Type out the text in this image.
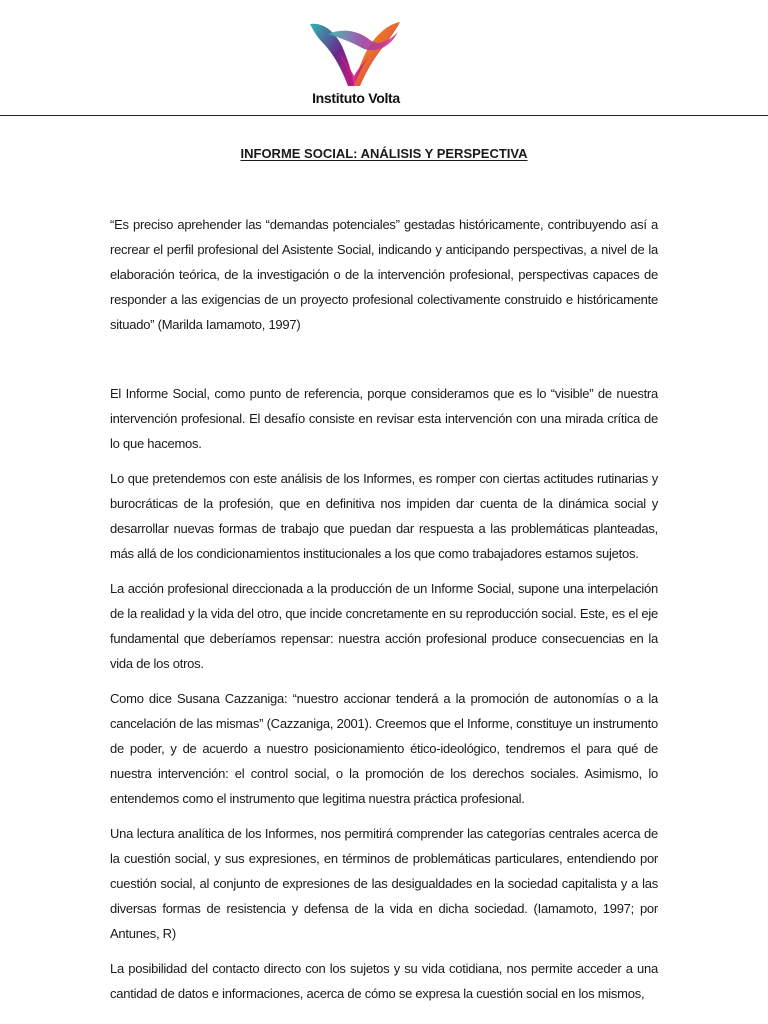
Instituto Volta
INFORME SOCIAL: ANÁLISIS Y PERSPECTIVA

“Es preciso aprehender las “demandas potenciales” gestadas históricamente, contribuyendo así a recrear el perfil profesional del Asistente Social, indicando y anticipando perspectivas, a nivel de la elaboración teórica, de la investigación o de la intervención profesional, perspectivas capaces de responder a las exigencias de un proyecto profesional colectivamente construido e históricamente situado” (Marilda Iamamoto, 1997)

El Informe Social, como punto de referencia, porque consideramos que es lo “visible” de nuestra intervención profesional. El desafío consiste en revisar esta intervención con una mirada crítica de lo que hacemos.

Lo que pretendemos con este análisis de los Informes, es romper con ciertas actitudes rutinarias y burocráticas de la profesión, que en definitiva nos impiden dar cuenta de la dinámica social y desarrollar nuevas formas de trabajo que puedan dar respuesta a las problemáticas planteadas, más allá de los condicionamientos institucionales a los que como trabajadores estamos sujetos.

La acción profesional direccionada a la producción de un Informe Social, supone una interpelación de la realidad y la vida del otro, que incide concretamente en su reproducción social. Este, es el eje fundamental que deberíamos repensar: nuestra acción profesional produce consecuencias en la vida de los otros.

Como dice Susana Cazzaniga: “nuestro accionar tenderá a la promoción de autonomías o a la cancelación de las mismas” (Cazzaniga, 2001). Creemos que el Informe, constituye un instrumento de poder, y de acuerdo a nuestro posicionamiento ético-ideológico, tendremos el para qué de nuestra intervención: el control social, o la promoción de los derechos sociales. Asimismo, lo entendemos como el instrumento que legitima nuestra práctica profesional.

Una lectura analítica de los Informes, nos permitirá comprender las categorías centrales acerca de la cuestión social, y sus expresiones, en términos de problemáticas particulares, entendiendo por cuestión social, al conjunto de expresiones de las desigualdades en la sociedad capitalista y a las diversas formas de resistencia y defensa de la vida en dicha sociedad. (Iamamoto, 1997; por Antunes, R)

La posibilidad del contacto directo con los sujetos y su vida cotidiana, nos permite acceder a una cantidad de datos e informaciones, acerca de cómo se expresa la cuestión social en los mismos,
